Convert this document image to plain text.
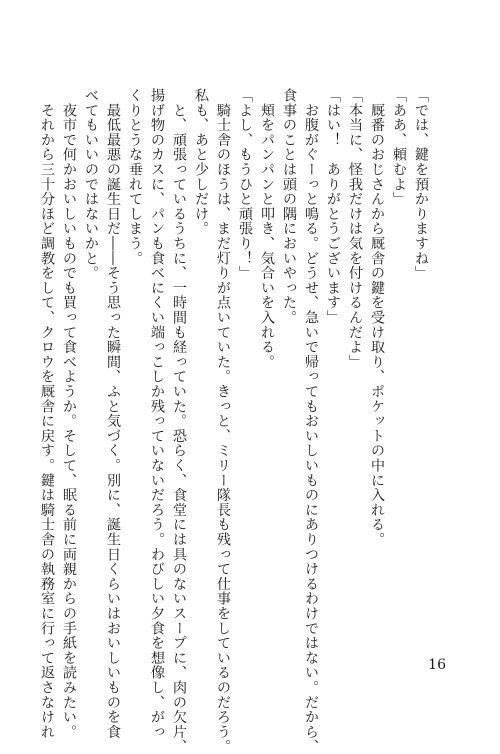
「では、鍵を預かりますね」
「ああ、頼むよ」
　厩番のおじさんから厩舎の鍵を受け取り、ポケットの中に入れる。
「本当に、怪我だけは気を付けるんだよ」
「はい！　ありがとうございます」
　お腹がぐーっと鳴る。どうせ、急いで帰ってもおいしいものにありつけるわけではない。だから、
食事のことは頭の隅においやった。
　頬をパンパンと叩き、気合いを入れる。
「よし、もうひと頑張り！」
　騎士舎のほうは、まだ灯りが点いていた。きっと、ミリー隊長も残って仕事をしているのだろう。
私も、あと少しだけ。
　と、頑張っているうちに、一時間も経っていた。恐らく、食堂には具のないスープに、肉の欠片、
揚げ物のカスに、パンも食べにくい端っこしか残っていないだろう。わびしい夕食を想像し、がっ
くりとうな垂れてしまう。
　最低最悪の誕生日だ――そう思った瞬間、ふと気づく。別に、誕生日くらいはおいしいものを食
べてもいいのではないかと。
　夜市で何かおいしいものでも買って食べようか。そして、眠る前に両親からの手紙を読みたい。
　それから三十分ほど調教をして、クロウを厩舎に戻す。鍵は騎士舎の執務室に行って返さなけれ	16
